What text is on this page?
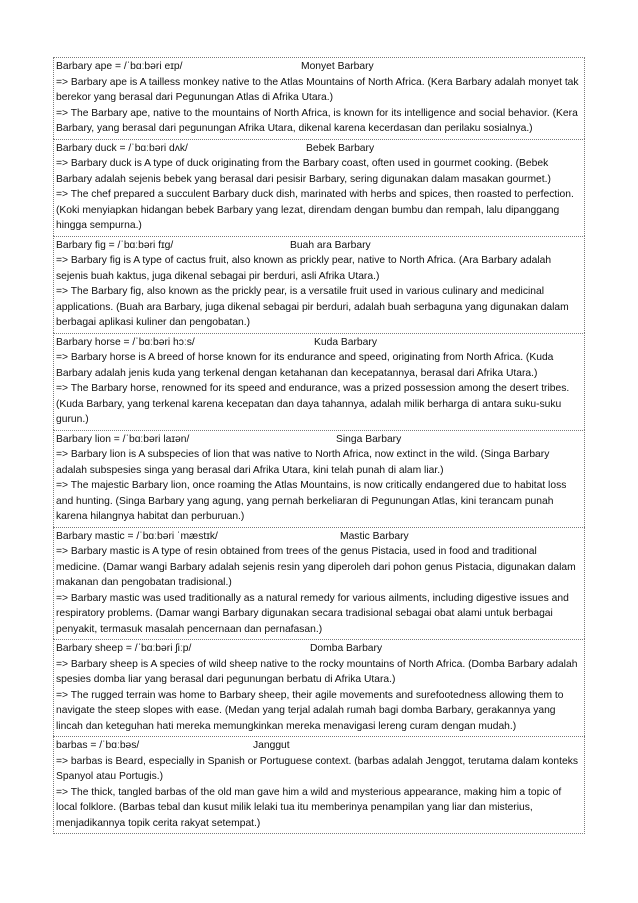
Barbary ape = /ˈbɑːbəri eɪp/	Monyet Barbary

=> Barbary ape is A tailless monkey native to the Atlas Mountains of North Africa. (Kera Barbary adalah monyet tak berekor yang berasal dari Pegunungan Atlas di Afrika Utara.)

=> The Barbary ape, native to the mountains of North Africa, is known for its intelligence and social behavior. (Kera Barbary, yang berasal dari pegunungan Afrika Utara, dikenal karena kecerdasan dan perilaku sosialnya.)

Barbary duck = /ˈbɑːbəri dʌk/	Bebek Barbary

=> Barbary duck is A type of duck originating from the Barbary coast, often used in gourmet cooking. (Bebek Barbary adalah sejenis bebek yang berasal dari pesisir Barbary, sering digunakan dalam masakan gourmet.)

=> The chef prepared a succulent Barbary duck dish, marinated with herbs and spices, then roasted to perfection. (Koki menyiapkan hidangan bebek Barbary yang lezat, direndam dengan bumbu dan rempah, lalu dipanggang hingga sempurna.)

Barbary fig = /ˈbɑːbəri fɪɡ/	Buah ara Barbary

=> Barbary fig is A type of cactus fruit, also known as prickly pear, native to North Africa. (Ara Barbary adalah sejenis buah kaktus, juga dikenal sebagai pir berduri, asli Afrika Utara.)

=> The Barbary fig, also known as the prickly pear, is a versatile fruit used in various culinary and medicinal applications. (Buah ara Barbary, juga dikenal sebagai pir berduri, adalah buah serbaguna yang digunakan dalam berbagai aplikasi kuliner dan pengobatan.)

Barbary horse = /ˈbɑːbəri hɔːs/	Kuda Barbary

=> Barbary horse is A breed of horse known for its endurance and speed, originating from North Africa. (Kuda Barbary adalah jenis kuda yang terkenal dengan ketahanan dan kecepatannya, berasal dari Afrika Utara.)

=> The Barbary horse, renowned for its speed and endurance, was a prized possession among the desert tribes. (Kuda Barbary, yang terkenal karena kecepatan dan daya tahannya, adalah milik berharga di antara suku-suku gurun.)

Barbary lion = /ˈbɑːbəri laɪən/	Singa Barbary

=> Barbary lion is A subspecies of lion that was native to North Africa, now extinct in the wild. (Singa Barbary adalah subspesies singa yang berasal dari Afrika Utara, kini telah punah di alam liar.)

=> The majestic Barbary lion, once roaming the Atlas Mountains, is now critically endangered due to habitat loss and hunting. (Singa Barbary yang agung, yang pernah berkeliaran di Pegunungan Atlas, kini terancam punah karena hilangnya habitat dan perburuan.)

Barbary mastic = /ˈbɑːbəri ˈmæstɪk/	Mastic Barbary

=> Barbary mastic is A type of resin obtained from trees of the genus Pistacia, used in food and traditional medicine. (Damar wangi Barbary adalah sejenis resin yang diperoleh dari pohon genus Pistacia, digunakan dalam makanan dan pengobatan tradisional.)

=> Barbary mastic was used traditionally as a natural remedy for various ailments, including digestive issues and respiratory problems. (Damar wangi Barbary digunakan secara tradisional sebagai obat alami untuk berbagai penyakit, termasuk masalah pencernaan dan pernafasan.)

Barbary sheep = /ˈbɑːbəri ʃiːp/	Domba Barbary

=> Barbary sheep is A species of wild sheep native to the rocky mountains of North Africa. (Domba Barbary adalah spesies domba liar yang berasal dari pegunungan berbatu di Afrika Utara.)

=> The rugged terrain was home to Barbary sheep, their agile movements and surefootedness allowing them to navigate the steep slopes with ease. (Medan yang terjal adalah rumah bagi domba Barbary, gerakannya yang lincah dan keteguhan hati mereka memungkinkan mereka menavigasi lereng curam dengan mudah.)

barbas = /ˈbɑːbəs/	Janggut

=> barbas is Beard, especially in Spanish or Portuguese context. (barbas adalah Jenggot, terutama dalam konteks Spanyol atau Portugis.)

=> The thick, tangled barbas of the old man gave him a wild and mysterious appearance, making him a topic of local folklore. (Barbas tebal dan kusut milik lelaki tua itu memberinya penampilan yang liar dan misterius, menjadikannya topik cerita rakyat setempat.)
